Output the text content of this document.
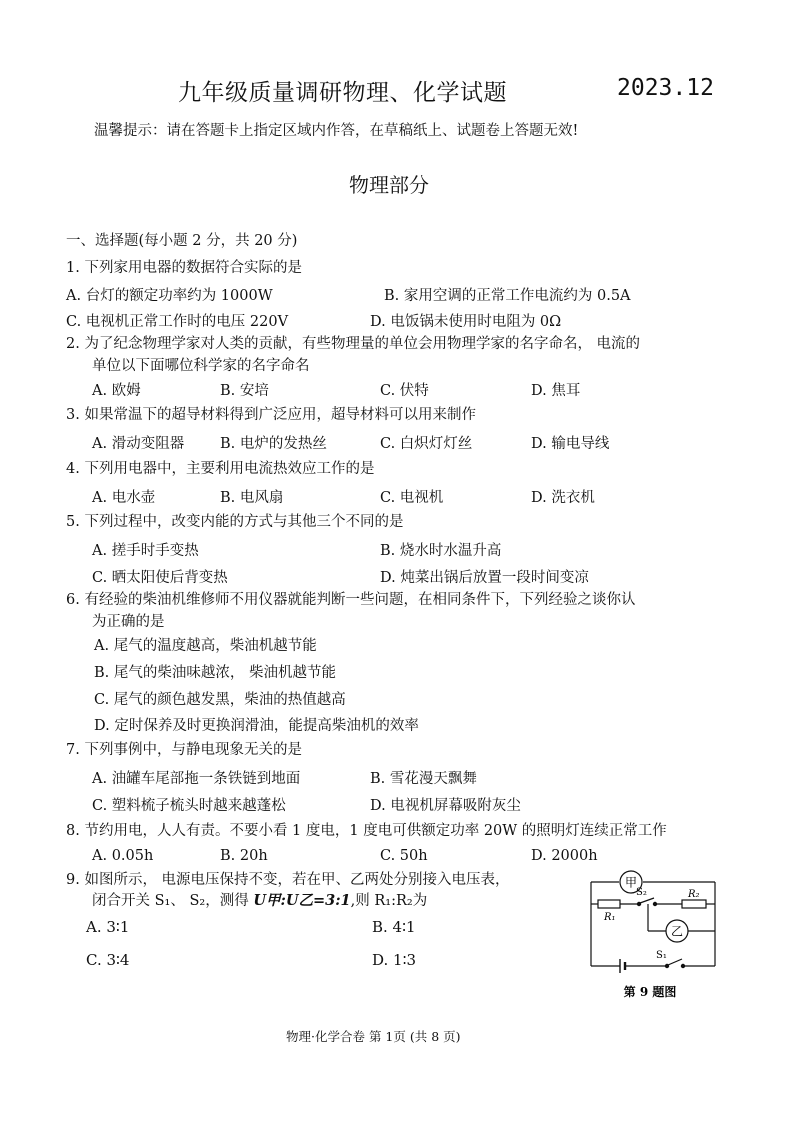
九年级质量调研物理、化学试题	2023.12
温馨提示：请在答题卡上指定区域内作答，在草稿纸上、试题卷上答题无效!
物理部分
一、选择题(每小题 2 分，共 20 分)
1. 下列家用电器的数据符合实际的是
A. 台灯的额定功率约为 1000W	B. 家用空调的正常工作电流约为 0.5A
C. 电视机正常工作时的电压 220V	D. 电饭锅未使用时电阻为 0Ω
2. 为了纪念物理学家对人类的贡献，有些物理量的单位会用物理学家的名字命名， 电流的
单位以下面哪位科学家的名字命名
A. 欧姆	B. 安培	C. 伏特	D. 焦耳
3. 如果常温下的超导材料得到广泛应用，超导材料可以用来制作
A. 滑动变阻器 B. 电炉的发热丝	C. 白炽灯灯丝	D. 输电导线
4. 下列用电器中，主要利用电流热效应工作的是
A. 电水壶	B. 电风扇	C. 电视机	D. 洗衣机
5. 下列过程中，改变内能的方式与其他三个不同的是
A. 搓手时手变热	B. 烧水时水温升高
C. 晒太阳使后背变热	D. 炖菜出锅后放置一段时间变凉
6. 有经验的柴油机维修师不用仪器就能判断一些问题，在相同条件下，下列经验之谈你认
为正确的是
A. 尾气的温度越高，柴油机越节能
B. 尾气的柴油味越浓， 柴油机越节能
C. 尾气的颜色越发黑，柴油的热值越高
D. 定时保养及时更换润滑油，能提高柴油机的效率
7. 下列事例中，与静电现象无关的是
A. 油罐车尾部拖一条铁链到地面	B. 雪花漫天飘舞
C. 塑料梳子梳头时越来越蓬松	D. 电视机屏幕吸附灰尘
8. 节约用电，人人有责。不要小看 1 度电，1 度电可供额定功率 20W 的照明灯连续正常工作
A. 0.05h	B. 20h	C. 50h	D. 2000h
9. 如图所示， 电源电压保持不变，若在甲、乙两处分别接入电压表，
闭合开关 S₁、 S₂，测得 U甲:U乙=3:1,则 R₁:R₂为
A. 3∶1	B. 4∶1
C. 3∶4	D. 1∶3
甲
乙
R₁
R₂
S₂
S₁
第 9 题图
物理·化学合卷 第 1页 (共 8 页)
